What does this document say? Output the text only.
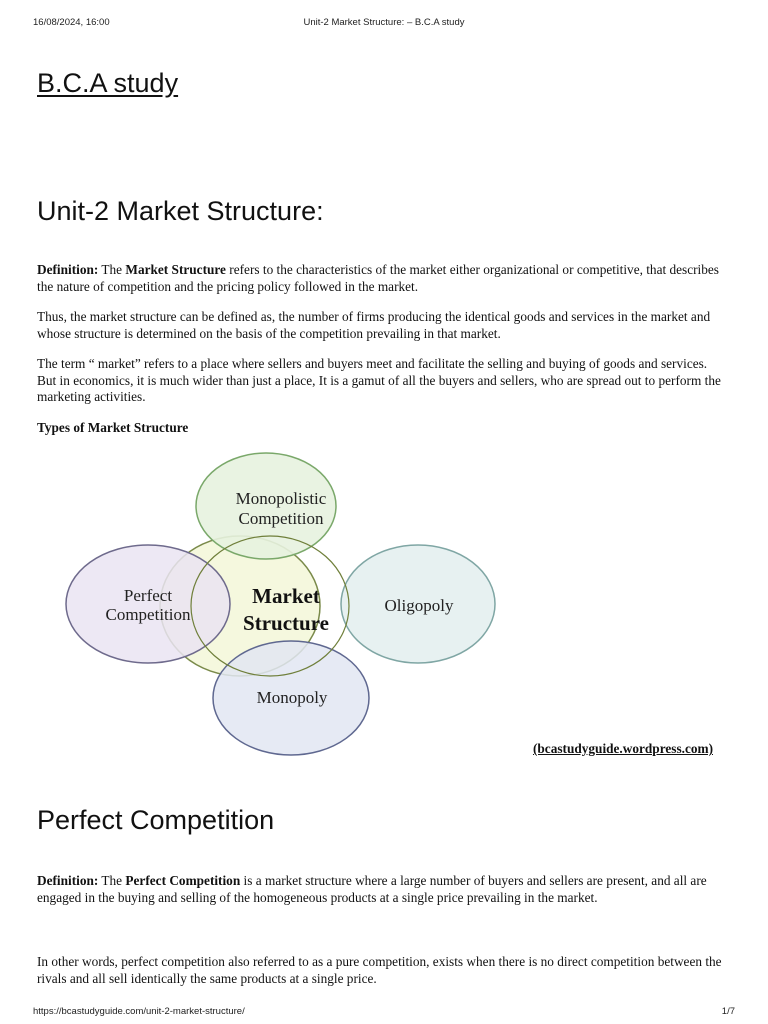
16/08/2024, 16:00	Unit-2 Market Structure: – B.C.A study
B.C.A study
Unit-2 Market Structure:

Definition: The Market Structure refers to the characteristics of the market either organizational or competitive, that describes the nature of competition and the pricing policy followed in the market.

Thus, the market structure can be defined as, the number of firms producing the identical goods and services in the market and whose structure is determined on the basis of the competition prevailing in that market.

The term “ market” refers to a place where sellers and buyers meet and facilitate the selling and buying of goods and services. But in economics, it is much wider than just a place, It is a gamut of all the buyers and sellers, who are spread out to perform the marketing activities.

Types of Market Structure

Market
Structure
Monopolistic
Competition
Perfect
Competition	Oligopoly
Monopoly
(bcastudyguide.wordpress.com)
Perfect Competition

Definition: The Perfect Competition is a market structure where a large number of buyers and sellers are present, and all are engaged in the buying and selling of the homogeneous products at a single price prevailing in the market.

In other words, perfect competition also referred to as a pure competition, exists when there is no direct competition between the rivals and all sell identically the same products at a single price.

https://bcastudyguide.com/unit-2-market-structure/	1/7
